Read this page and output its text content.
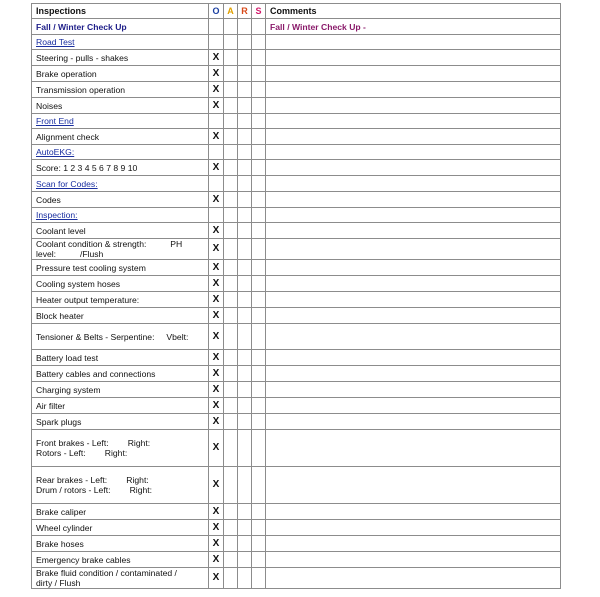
Inspections	O	A	R	S	Comments
Fall / Winter Check Up					Fall / Winter Check Up -
Road Test					
Steering - pulls - shakes	X				
Brake operation	X				
Transmission operation	X				
Noises	X				
Front End					
Alignment check	X				
AutoEKG:					
Score: 1 2 3 4 5 6 7 8 9 10	X				
Scan for Codes:					
Codes	X				
Inspection:					
Coolant level	X				
Coolant condition & strength:          PH
level:          /Flush	X				
Pressure test cooling system	X				
Cooling system hoses	X				
Heater output temperature:	X				
Block heater	X				
Tensioner & Belts - Serpentine:     Vbelt:	X				
Battery load test	X				
Battery cables and connections	X				
Charging system	X				
Air filter	X				
Spark plugs	X				
Front brakes - Left:        Right:
Rotors - Left:        Right:	X				
Rear brakes - Left:        Right:
Drum / rotors - Left:        Right:	X				
Brake caliper	X				
Wheel cylinder	X				
Brake hoses	X				
Emergency brake cables	X				
Brake fluid condition / contaminated /
dirty / Flush	X				
